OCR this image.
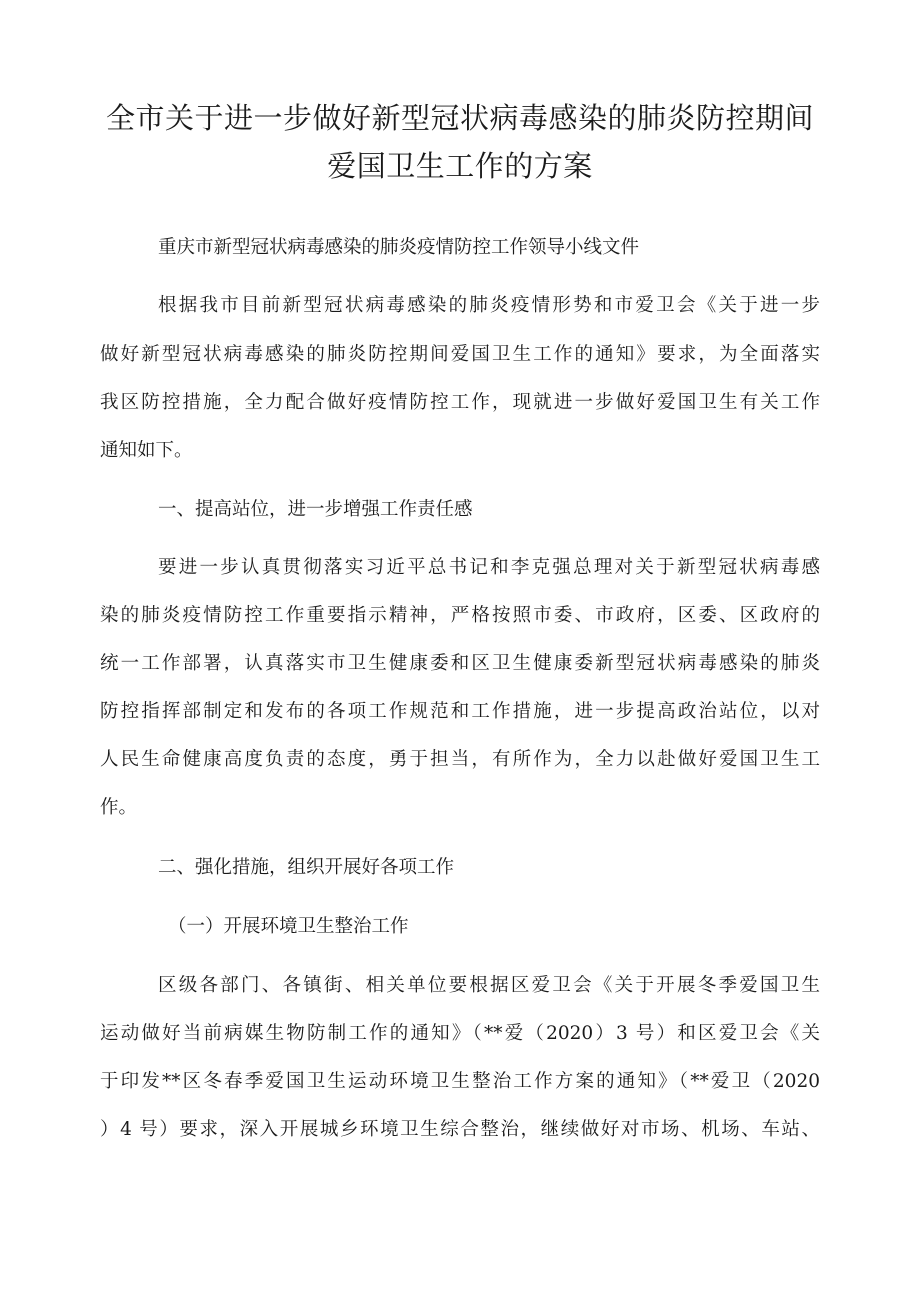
全市关于进一步做好新型冠状病毒感染的肺炎防控期间
爱国卫生工作的方案
重庆市新型冠状病毒感染的肺炎疫情防控工作领导小线文件
根据我市目前新型冠状病毒感染的肺炎疫情形势和市爱卫会《关于进一步
做好新型冠状病毒感染的肺炎防控期间爱国卫生工作的通知》要求，为全面落实
我区防控措施，全力配合做好疫情防控工作，现就进一步做好爱国卫生有关工作
通知如下。
一、提高站位，进一步增强工作责任感
要进一步认真贯彻落实习近平总书记和李克强总理对关于新型冠状病毒感
染的肺炎疫情防控工作重要指示精神，严格按照市委、市政府，区委、区政府的
统一工作部署，认真落实市卫生健康委和区卫生健康委新型冠状病毒感染的肺炎
防控指挥部制定和发布的各项工作规范和工作措施，进一步提高政治站位，以对
人民生命健康高度负责的态度，勇于担当，有所作为，全力以赴做好爱国卫生工
作。
二、强化措施，组织开展好各项工作
（一）开展环境卫生整治工作
区级各部门、各镇街、相关单位要根据区爱卫会《关于开展冬季爱国卫生
运动做好当前病媒生物防制工作的通知》（**爱（2020）3 号）和区爱卫会《关
于印发**区冬春季爱国卫生运动环境卫生整治工作方案的通知》（**爱卫（2020
）4 号）要求，深入开展城乡环境卫生综合整治，继续做好对市场、机场、车站、
